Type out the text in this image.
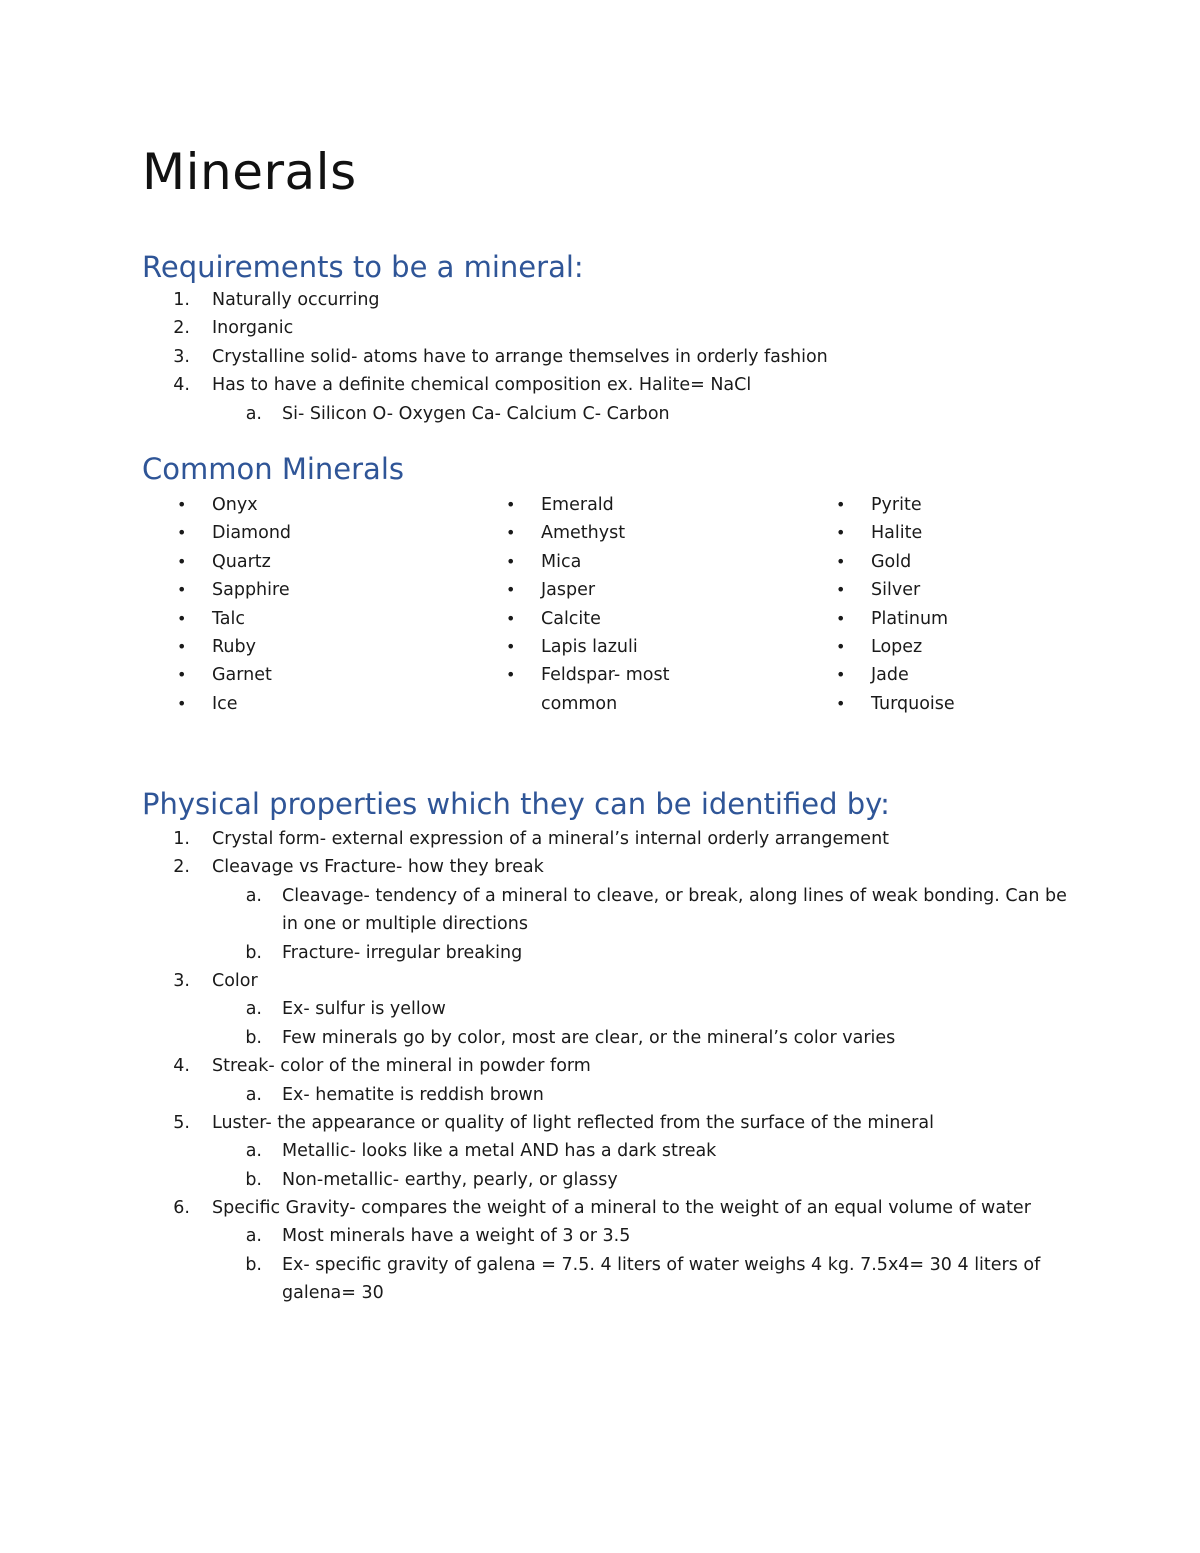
Minerals
Requirements to be a mineral:
1. Naturally occurring
2. Inorganic
3. Crystalline solid- atoms have to arrange themselves in orderly fashion
4. Has to have a definite chemical composition ex. Halite= NaCl
a. Si- Silicon O- Oxygen Ca- Calcium C- Carbon
Common Minerals
• Onyx
• Diamond
• Quartz
• Sapphire
• Talc
• Ruby
• Garnet
• Ice
• Emerald
• Amethyst
• Mica
• Jasper
• Calcite
• Lapis lazuli
• Feldspar- most
common
• Pyrite
• Halite
• Gold
• Silver
• Platinum
• Lopez
• Jade
• Turquoise
Physical properties which they can be identified by:
1. Crystal form- external expression of a mineral’s internal orderly arrangement
2. Cleavage vs Fracture- how they break
a. Cleavage- tendency of a mineral to cleave, or break, along lines of weak bonding. Can be
in one or multiple directions
b. Fracture- irregular breaking
3. Color
a. Ex- sulfur is yellow
b. Few minerals go by color, most are clear, or the mineral’s color varies
4. Streak- color of the mineral in powder form
a. Ex- hematite is reddish brown
5. Luster- the appearance or quality of light reflected from the surface of the mineral
a. Metallic- looks like a metal AND has a dark streak
b. Non-metallic- earthy, pearly, or glassy
6. Specific Gravity- compares the weight of a mineral to the weight of an equal volume of water
a. Most minerals have a weight of 3 or 3.5
b. Ex- specific gravity of galena = 7.5. 4 liters of water weighs 4 kg. 7.5x4= 30 4 liters of
galena= 30
